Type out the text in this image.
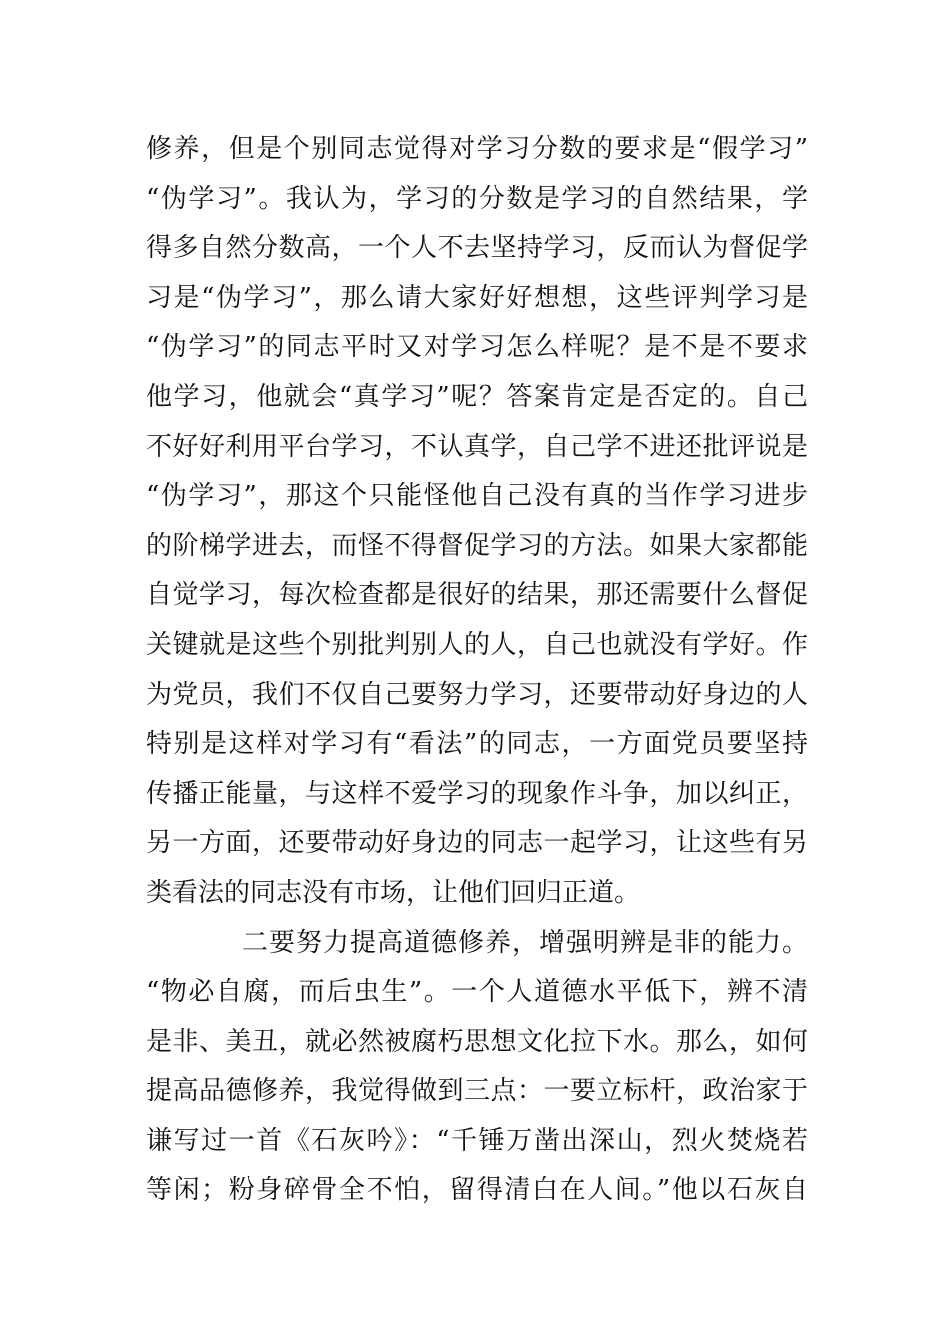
修养，但是个别同志觉得对学习分数的要求是“假学习”
“伪学习”。我认为，学习的分数是学习的自然结果，学
得多自然分数高，一个人不去坚持学习，反而认为督促学
习是“伪学习”，那么请大家好好想想，这些评判学习是
“伪学习”的同志平时又对学习怎么样呢？是不是不要求
他学习，他就会“真学习”呢？答案肯定是否定的。自己
不好好利用平台学习，不认真学，自己学不进还批评说是
“伪学习”，那这个只能怪他自己没有真的当作学习进步
的阶梯学进去，而怪不得督促学习的方法。如果大家都能
自觉学习，每次检查都是很好的结果，那还需要什么督促
关键就是这些个别批判别人的人，自己也就没有学好。作
为党员，我们不仅自己要努力学习，还要带动好身边的人
特别是这样对学习有“看法”的同志，一方面党员要坚持
传播正能量，与这样不爱学习的现象作斗争，加以纠正，
另一方面，还要带动好身边的同志一起学习，让这些有另
类看法的同志没有市场，让他们回归正道。
二要努力提高道德修养，增强明辨是非的能力。
“物必自腐，而后虫生”。一个人道德水平低下，辨不清
是非、美丑，就必然被腐朽思想文化拉下水。那么，如何
提高品德修养，我觉得做到三点：一要立标杆，政治家于
谦写过一首《石灰吟》：“千锤万凿出深山，烈火焚烧若
等闲；粉身碎骨全不怕，留得清白在人间。”他以石灰自
